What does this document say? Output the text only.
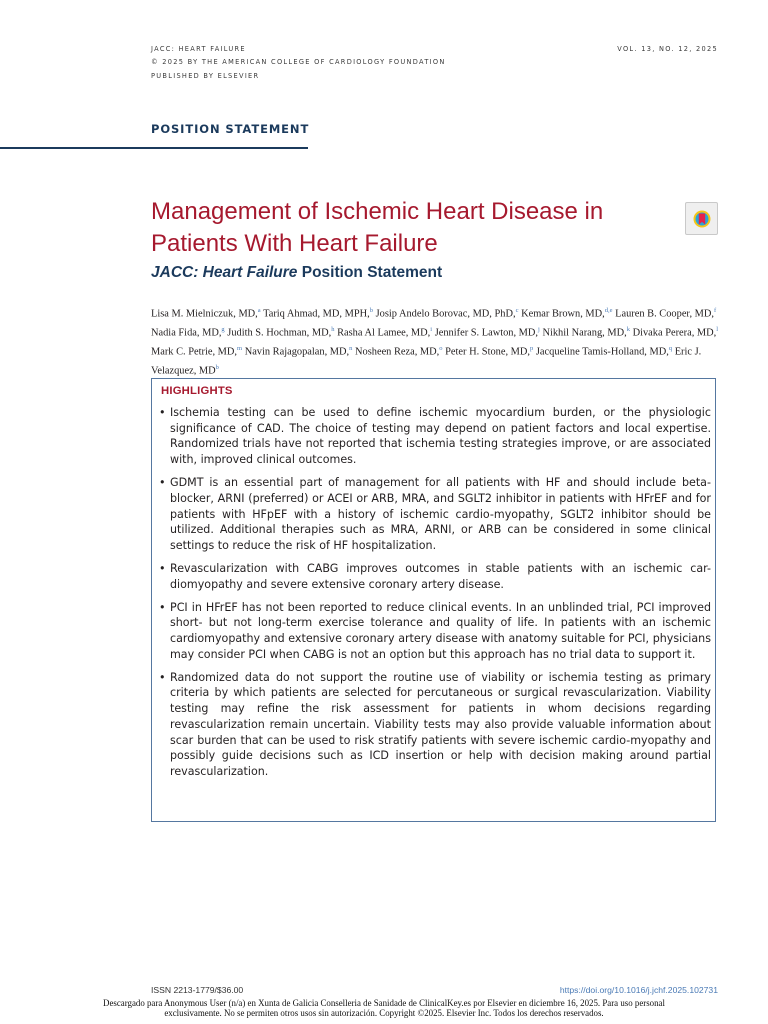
JACC: HEART FAILURE
© 2025 BY THE AMERICAN COLLEGE OF CARDIOLOGY FOUNDATION
PUBLISHED BY ELSEVIER
VOL. 13, NO. 12, 2025
POSITION STATEMENT
Management of Ischemic Heart Disease in Patients With Heart Failure
JACC: Heart Failure Position Statement
Lisa M. Mielniczuk, MD,$^a$ Tariq Ahmad, MD, MPH,$^b$ Josip Andelo Borovac, MD, PhD,$^c$ Kemar Brown, MD,$^{d,e}$ Lauren B. Cooper, MD,$^f$ Nadia Fida, MD,$^g$ Judith S. Hochman, MD,$^h$ Rasha Al Lamee, MD,$^i$ Jennifer S. Lawton, MD,$^j$ Nikhil Narang, MD,$^k$ Divaka Perera, MD,$^l$ Mark C. Petrie, MD,$^m$ Navin Rajagopalan, MD,$^n$ Nosheen Reza, MD,$^o$ Peter H. Stone, MD,$^p$ Jacqueline Tamis-Holland, MD,$^q$ Eric J. Velazquez, $MD^b$
HIGHLIGHTS
• Ischemia testing can be used to define ischemic myocardium burden, or the physiologic significance of CAD. The choice of testing may depend on patient factors and local expertise. Randomized trials have not reported that ischemia testing strategies improve, or are associated with, improved clinical outcomes.
• GDMT is an essential part of management for all patients with HF and should include beta-blocker, ARNI (preferred) or ACEI or ARB, MRA, and SGLT2 inhibitor in patients with HFrEF and for patients with HFpEF with a history of ischemic cardio-myopathy, SGLT2 inhibitor should be utilized. Additional therapies such as MRA, ARNI, or ARB can be considered in some clinical settings to reduce the risk of HF hospitalization.
• Revascularization with CABG improves outcomes in stable patients with an ischemic car-diomyopathy and severe extensive coronary artery disease.
• PCI in HFrEF has not been reported to reduce clinical events. In an unblinded trial, PCI improved short- but not long-term exercise tolerance and quality of life. In patients with an ischemic cardiomyopathy and extensive coronary artery disease with anatomy suitable for PCI, physicians may consider PCI when CABG is not an option but this approach has no trial data to support it.
• Randomized data do not support the routine use of viability or ischemia testing as primary criteria by which patients are selected for percutaneous or surgical revascularization. Viability testing may refine the risk assessment for patients in whom decisions regarding revascularization remain uncertain. Viability tests may also provide valuable information about scar burden that can be used to risk stratify patients with severe ischemic cardio-myopathy and possibly guide decisions such as ICD insertion or help with decision making around partial revascularization.
ISSN 2213-1779/$36.00	https://doi.org/10.1016/j.jchf.2025.102731
Descargado para Anonymous User (n/a) en Xunta de Galicia Conselleria de Sanidade de ClinicalKey.es por Elsevier en diciembre 16, 2025. Para uso personal exclusivamente. No se permiten otros usos sin autorización. Copyright ©2025. Elsevier Inc. Todos los derechos reservados.
